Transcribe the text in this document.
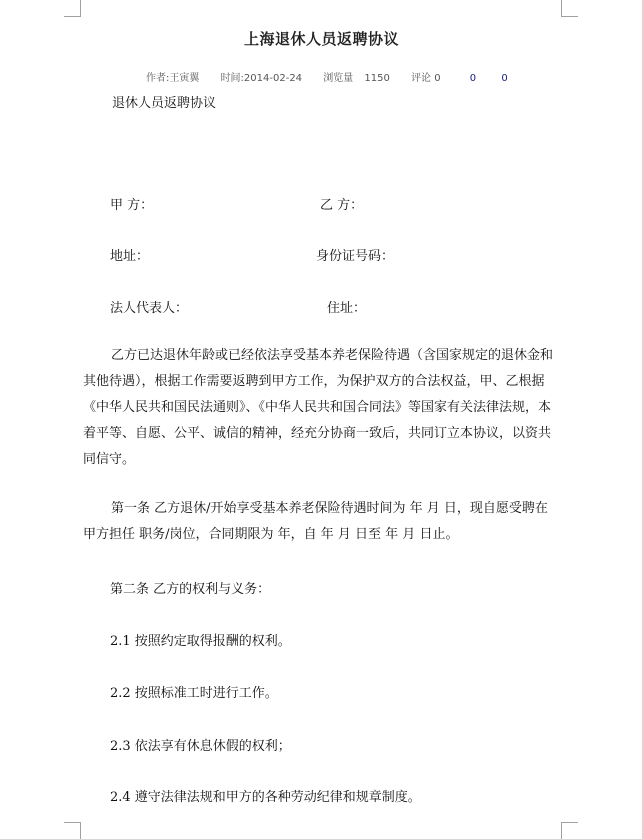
上海退休人员返聘协议
作者:王寅翼 时间:2014-02-24 浏览量 1150 评论 0	0	0

退休人员返聘协议

甲 方：	乙 方：
地址：	身份证号码：
法人代表人：	住址：

乙方已达退休年龄或已经依法享受基本养老保险待遇（含国家规定的退休金和其他待遇），根据工作需要返聘到甲方工作，为保护双方的合法权益，甲、乙根据《中华人民共和国民法通则》、《中华人民共和国合同法》等国家有关法律法规，本着平等、自愿、公平、诚信的精神，经充分协商一致后，共同订立本协议，以资共同信守。

第一条 乙方退休/开始享受基本养老保险待遇时间为 年 月 日，现自愿受聘在甲方担任 职务/岗位，合同期限为 年，自 年 月 日至 年 月 日止。

第二条 乙方的权利与义务：

2.1 按照约定取得报酬的权利。

2.2 按照标准工时进行工作。

2.3 依法享有休息休假的权利；

2.4 遵守法律法规和甲方的各种劳动纪律和规章制度。
